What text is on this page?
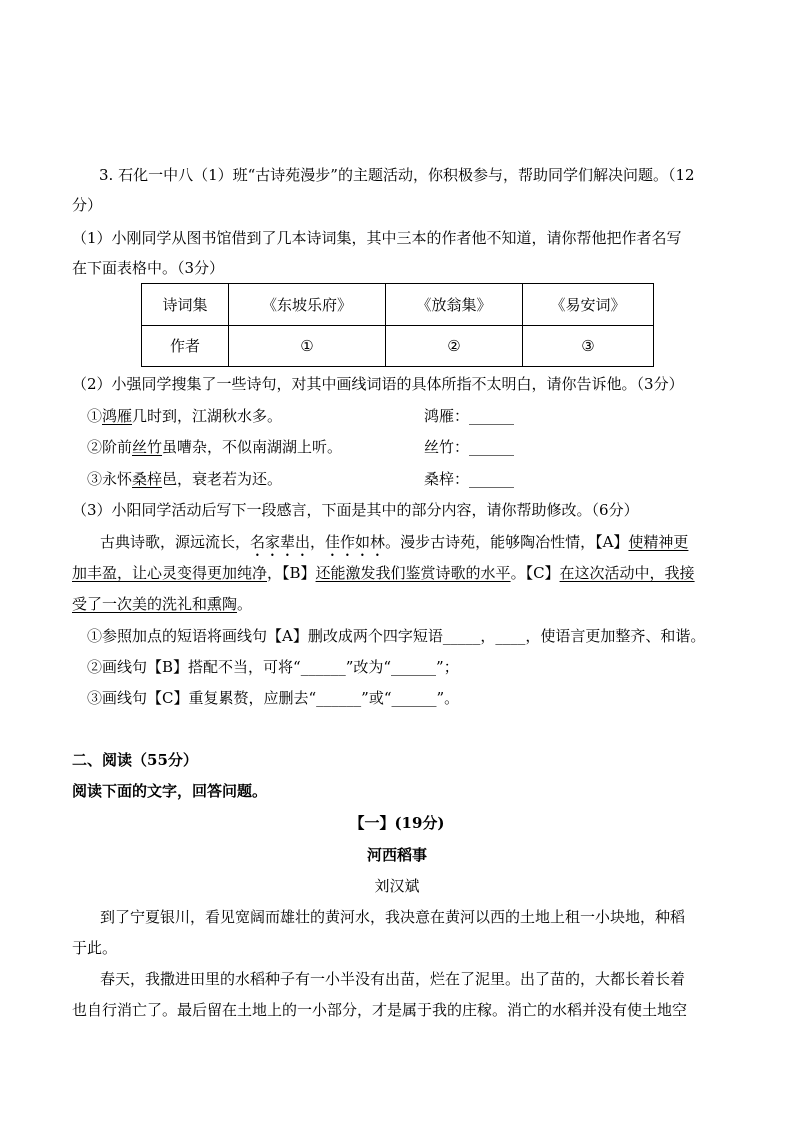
3. 石化一中八（1）班“古诗苑漫步”的主题活动，你积极参与，帮助同学们解决问题。（12
分）
（1）小刚同学从图书馆借到了几本诗词集，其中三本的作者他不知道，请你帮他把作者名写
在下面表格中。（3分）
诗词集	《东坡乐府》	《放翁集》	《易安词》
作者	①	②	③
（2）小强同学搜集了一些诗句，对其中画线词语的具体所指不太明白，请你告诉他。（3分）
①鸿雁几时到，江湖秋水多。	鸿雁：______
②阶前丝竹虽嘈杂，不似南湖湖上听。	丝竹：______
③永怀桑梓邑，衰老若为还。	桑梓：______
（3）小阳同学活动后写下一段感言，下面是其中的部分内容，请你帮助修改。（6分）
古典诗歌，源远流长，名家辈出，佳作如林。漫步古诗苑，能够陶冶性情，【A】使精神更
加丰盈，让心灵变得更加纯净，【B】还能激发我们鉴赏诗歌的水平。【C】在这次活动中，我接
受了一次美的洗礼和熏陶。
①参照加点的短语将画线句【A】删改成两个四字短语_____，____，使语言更加整齐、和谐。
②画线句【B】搭配不当，可将“______”改为“______”；
③画线句【C】重复累赘，应删去“______”或“______”。
二、阅读（55分）
阅读下面的文字，回答问题。
【一】(19分)
河西稻事
刘汉斌
到了宁夏银川，看见宽阔而雄壮的黄河水，我决意在黄河以西的土地上租一小块地，种稻
于此。
春天，我撒进田里的水稻种子有一小半没有出苗，烂在了泥里。出了苗的，大都长着长着
也自行消亡了。最后留在土地上的一小部分，才是属于我的庄稼。消亡的水稻并没有使土地空
